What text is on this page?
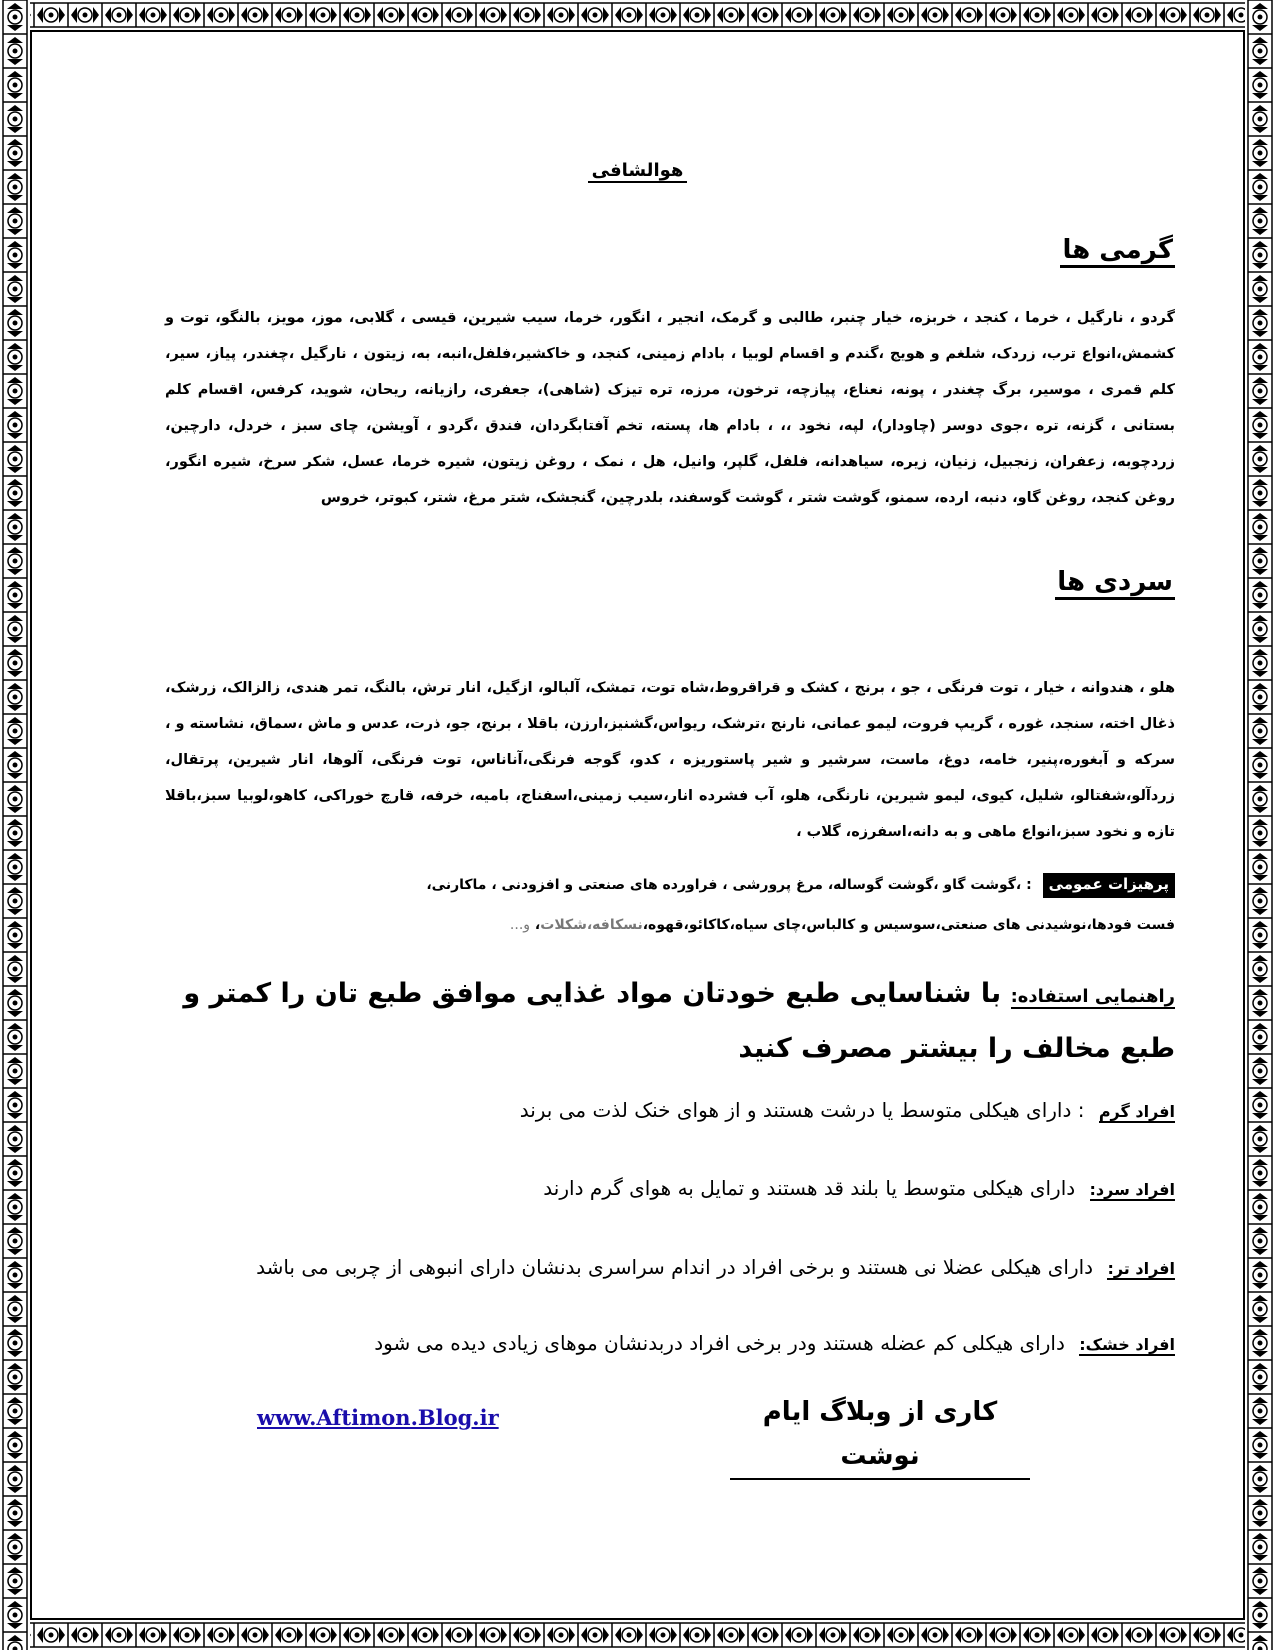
هوالشافی
گرمی ها
گردو ، نارگیل ، خرما ، کنجد ، خربزه، خیار چنبر، طالبی و گرمک، انجیر ، انگور، خرما، سیب شیرین، قیسی ، گلابی، موز، مویز، بالنگو، توت و کشمش،انواع ترب، زردک، شلغم و هویج ،گندم و اقسام لوبیا ، بادام زمینی، کنجد، و خاکشیر،فلفل،انبه، به، زیتون ، نارگیل ،چغندر، پیاز، سیر، کلم قمری ، موسیر، برگ چغندر ، پونه، نعناع، پیازچه، ترخون، مرزه، تره تیزک (شاهی)، جعفری، رازیانه، ریحان، شوید، کرفس، اقسام کلم بستانی ، گزنه، تره ،جوی دوسر (چاودار)، لپه، نخود ،، ، بادام ها، پسته، تخم آفتابگردان، فندق ،گردو ، آویشن، چای سبز ، خردل، دارچین، زردچوبه، زعفران، زنجبیل، زنیان، زیره، سیاهدانه، فلفل، گلپر، وانیل، هل ، نمک ، روغن زیتون، شیره خرما، عسل، شکر سرخ، شیره انگور، روغن کنجد، روغن گاو، دنبه، ارده، سمنو، گوشت شتر ، گوشت گوسفند، بلدرچین، گنجشک، شتر مرغ، شتر، کبوتر، خروس
سردی ها
هلو ، هندوانه ، خیار ، توت فرنگی ، جو ، برنج ، کشک و قراقروط،شاه توت، تمشک، آلبالو، ازگیل، انار ترش، بالنگ، تمر هندی، زالزالک، زرشک، ذغال اخته، سنجد، غوره ، گریپ فروت، لیمو عمانی، نارنج ،ترشک، ریواس،گشنیز،ارزن، باقلا ، برنج، جو، ذرت، عدس و ماش ،سماق، نشاسته و ، سرکه و آبغوره،پنیر، خامه، دوغ، ماست، سرشیر و شیر پاستوریزه ، کدو، گوجه فرنگی،آناناس، توت فرنگی، آلوها، انار شیرین، پرتقال، زردآلو،شفتالو، شلیل، کیوی، لیمو شیرین، نارنگی، هلو، آب فشرده انار،سیب زمینی،اسفناج، بامیه، خرفه، قارچ خوراکی، کاهو،لوبیا سبز،باقلا تازه و نخود سبز،انواع ماهی و به دانه،اسفرزه، گلاب ،
پرهیزات عمومی : ،گوشت گاو ،گوشت گوساله، مرغ پرورشی ، فراورده های صنعتی و افزودنی ، ماکارنی،
فست فودها،نوشیدنی های صنعتی،سوسیس و کالباس،چای سیاه،کاکائو،قهوه،نسکافه،شکلات، و...
راهنمایی استفاده: با شناسایی طبع خودتان مواد غذایی موافق طبع تان را کمتر و طبع مخالف را بیشتر مصرف کنید
افراد گرم : دارای هیکلی متوسط یا درشت هستند و از هوای خنک لذت می برند
افراد سرد: دارای هیکلی متوسط یا بلند قد هستند و تمایل به هوای گرم دارند
افراد تر: دارای هیکلی عضلا نی هستند و برخی افراد در اندام سراسری بدنشان دارای انبوهی از چربی می باشد
افراد خشک: دارای هیکلی کم عضله هستند ودر برخی افراد دربدنشان موهای زیادی دیده می شود
www.Aftimon.Blog.ir	کاری از وبلاگ ایام نوشت
